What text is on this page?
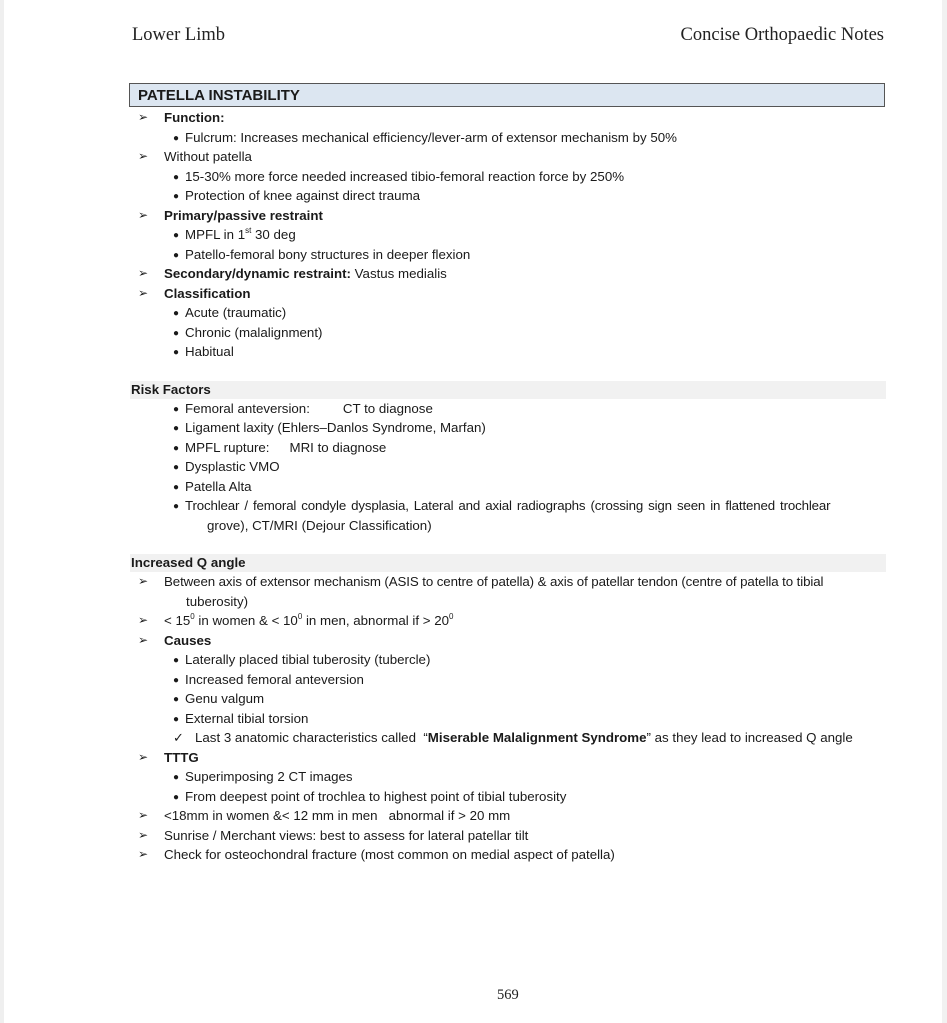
Lower Limb	Concise Orthopaedic Notes
PATELLA INSTABILITY
➢ Function:
● Fulcrum: Increases mechanical efficiency/lever-arm of extensor mechanism by 50%
➢ Without patella
● 15-30% more force needed increased tibio-femoral reaction force by 250%
● Protection of knee against direct trauma
➢ Primary/passive restraint
● MPFL in 1st 30 deg
● Patello-femoral bony structures in deeper flexion
➢ Secondary/dynamic restraint: Vastus medialis
➢ Classification
● Acute (traumatic)
● Chronic (malalignment)
● Habitual
Risk Factors
● Femoral anteversion: CT to diagnose
● Ligament laxity (Ehlers–Danlos Syndrome, Marfan)
● MPFL rupture: MRI to diagnose
● Dysplastic VMO
● Patella Alta
● Trochlear / femoral condyle dysplasia, Lateral and axial radiographs (crossing sign seen in flattened trochlear
grove), CT/MRI (Dejour Classification)
Increased Q angle
➢ Between axis of extensor mechanism (ASIS to centre of patella) & axis of patellar tendon (centre of patella to tibial
tuberosity)
➢ < $15^0$ in women & < $10^0$ in men, abnormal if > $20^0$
➢ Causes
● Laterally placed tibial tuberosity (tubercle)
● Increased femoral anteversion
● Genu valgum
● External tibial torsion
✓ Last 3 anatomic characteristics called  “Miserable Malalignment Syndrome” as they lead to increased Q angle
➢ TTTG
● Superimposing 2 CT images
● From deepest point of trochlea to highest point of tibial tuberosity
➢ <18mm in women &< 12 mm in men   abnormal if > 20 mm
➢ Sunrise / Merchant views: best to assess for lateral patellar tilt
➢ Check for osteochondral fracture (most common on medial aspect of patella)
569
